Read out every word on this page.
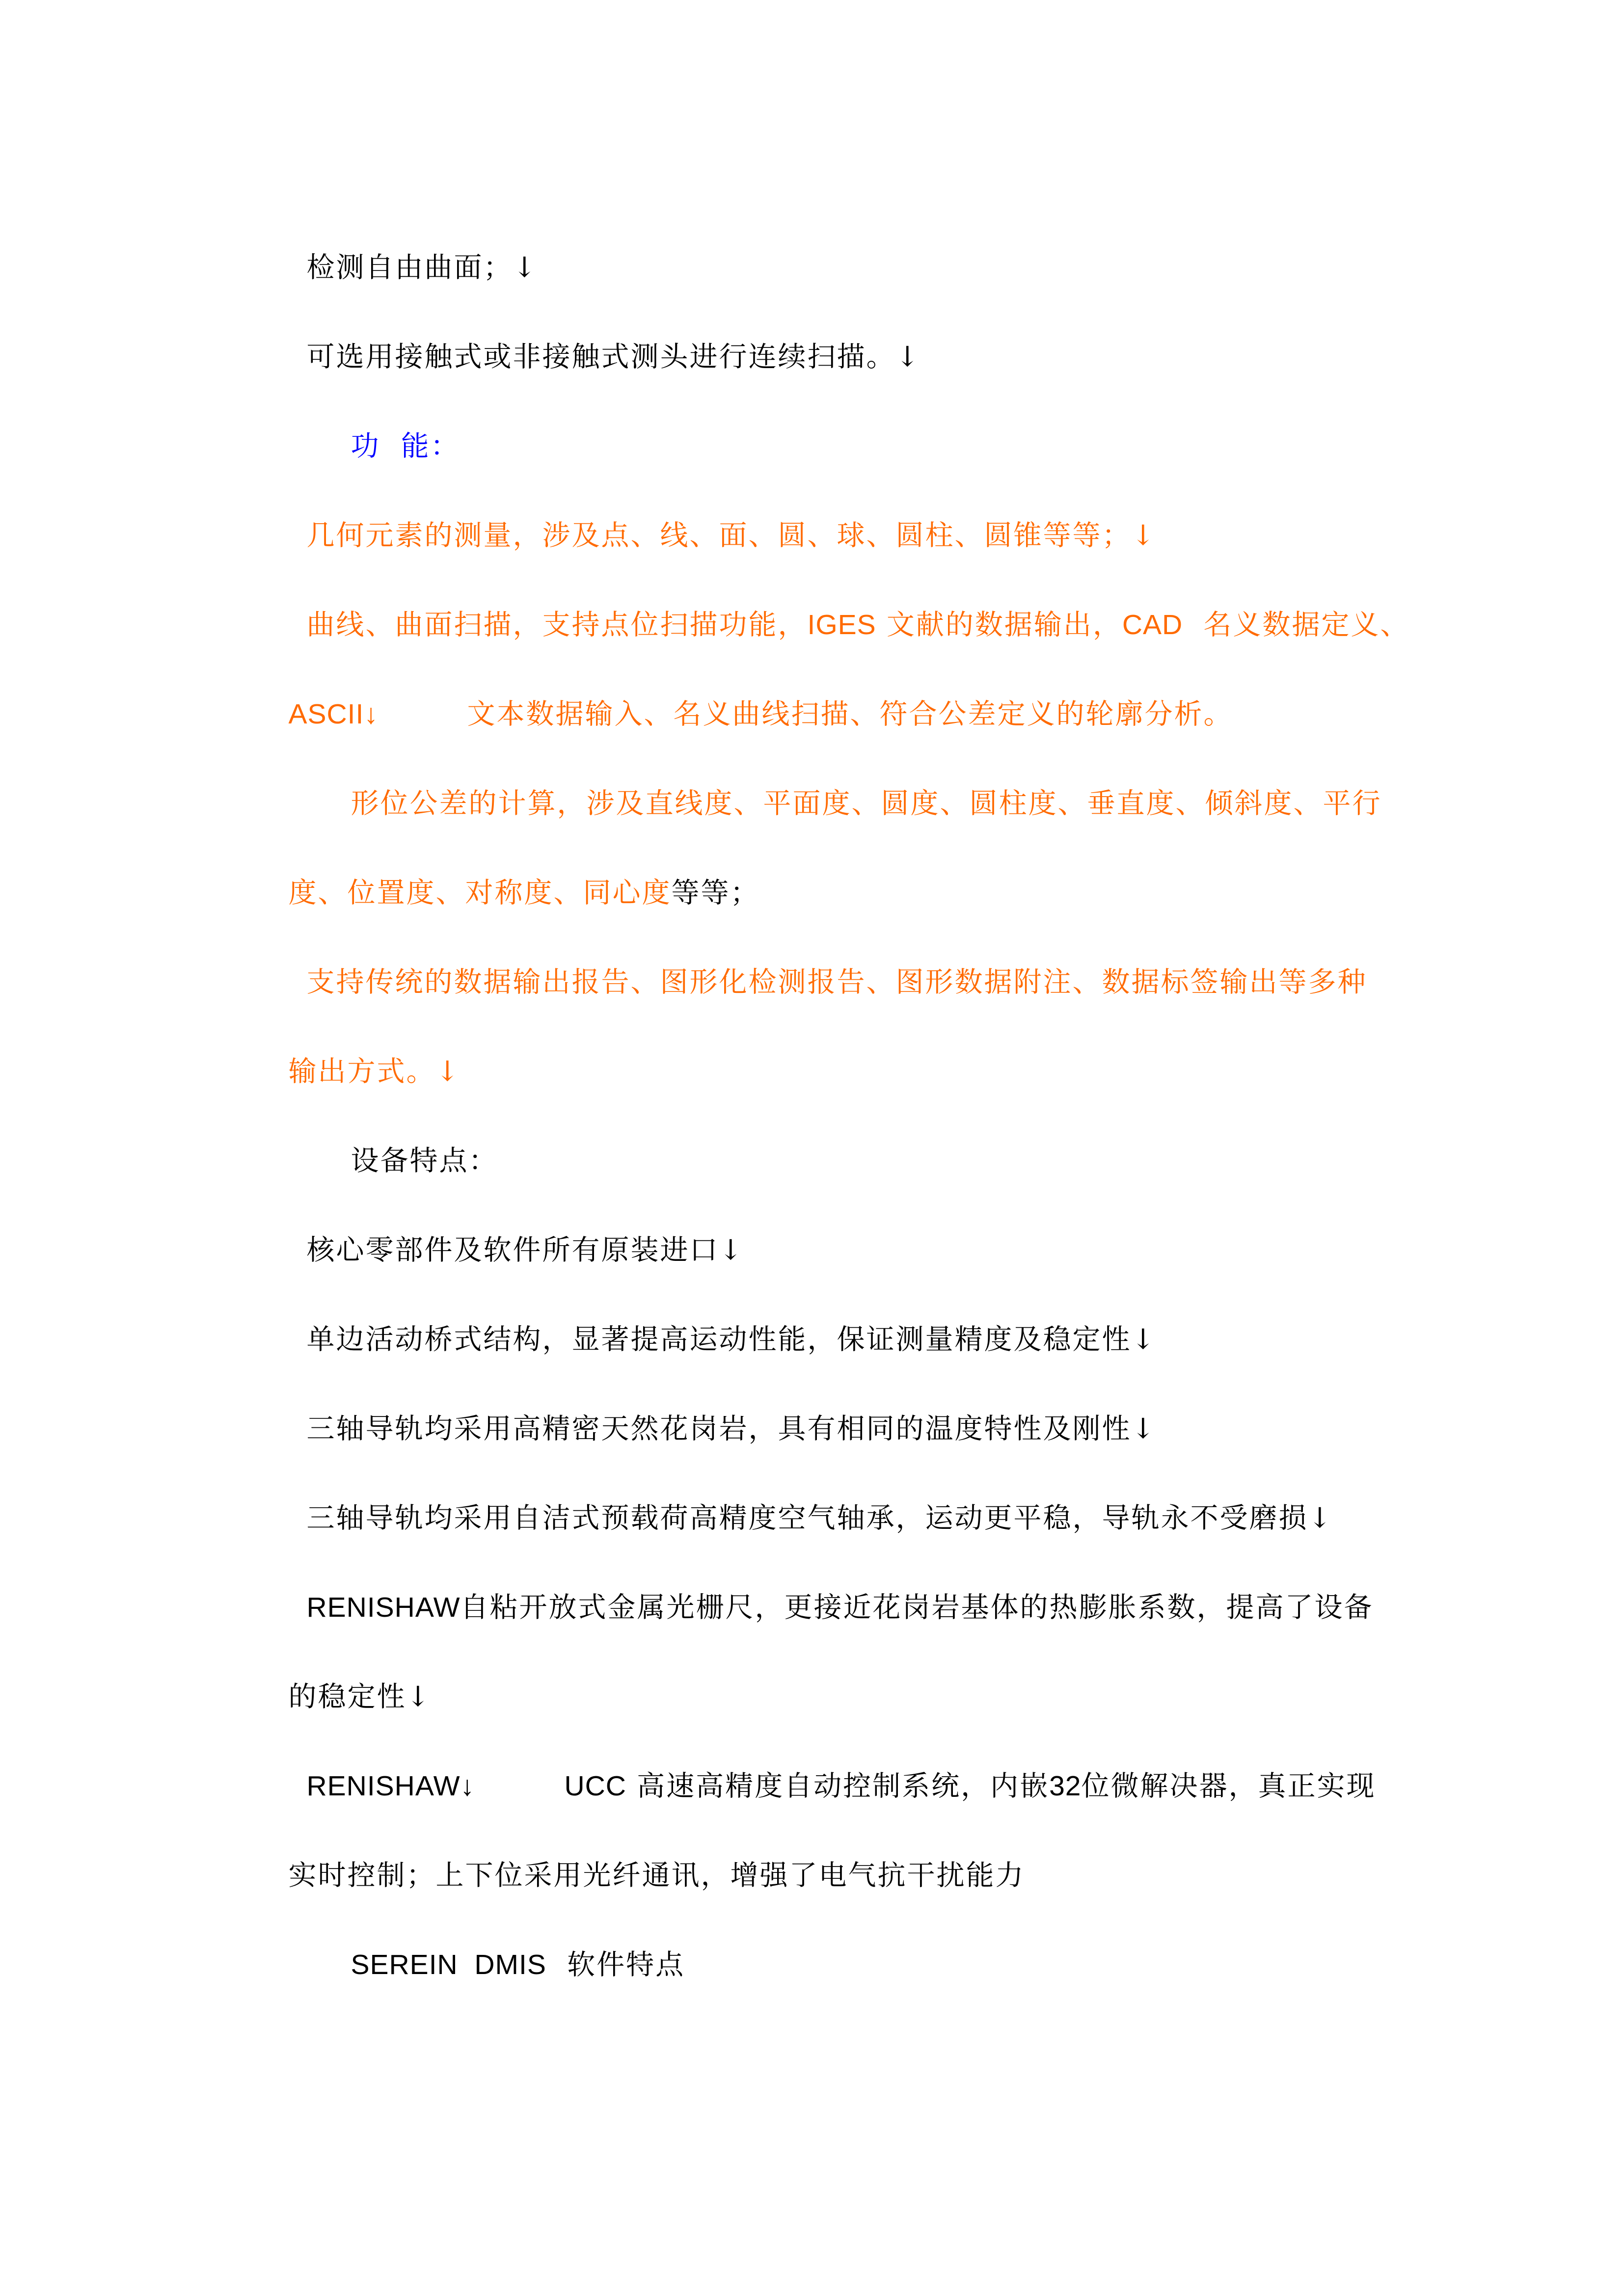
检测自由曲面；↓

可选用接触式或非接触式测头进行连续扫描。↓

功  能：

几何元素的测量，涉及点、线、面、圆、球、圆柱、圆锥等等；↓

曲线、曲面扫描，支持点位扫描功能，IGES 文献的数据输出，CAD  名义数据定义、

ASCII↓
	文本数据输入、名义曲线扫描、符合公差定义的轮廓分析。

形位公差的计算，涉及直线度、平面度、圆度、圆柱度、垂直度、倾斜度、平行

度、位置度、对称度、同心度等等；

支持传统的数据输出报告、图形化检测报告、图形数据附注、数据标签输出等多种

输出方式。↓

设备特点：

核心零部件及软件所有原装进口↓

单边活动桥式结构，显著提高运动性能，保证测量精度及稳定性↓

三轴导轨均采用高精密天然花岗岩，具有相同的温度特性及刚性↓

三轴导轨均采用自洁式预载荷高精度空气轴承，运动更平稳，导轨永不受磨损↓

RENISHAW自粘开放式金属光栅尺，更接近花岗岩基体的热膨胀系数，提高了设备

的稳定性↓

RENISHAW↓
	UCC 高速高精度自动控制系统，内嵌32位微解决器，真正实现

实时控制；上下位采用光纤通讯，增强了电气抗干扰能力

SEREIN  DMIS  软件特点
